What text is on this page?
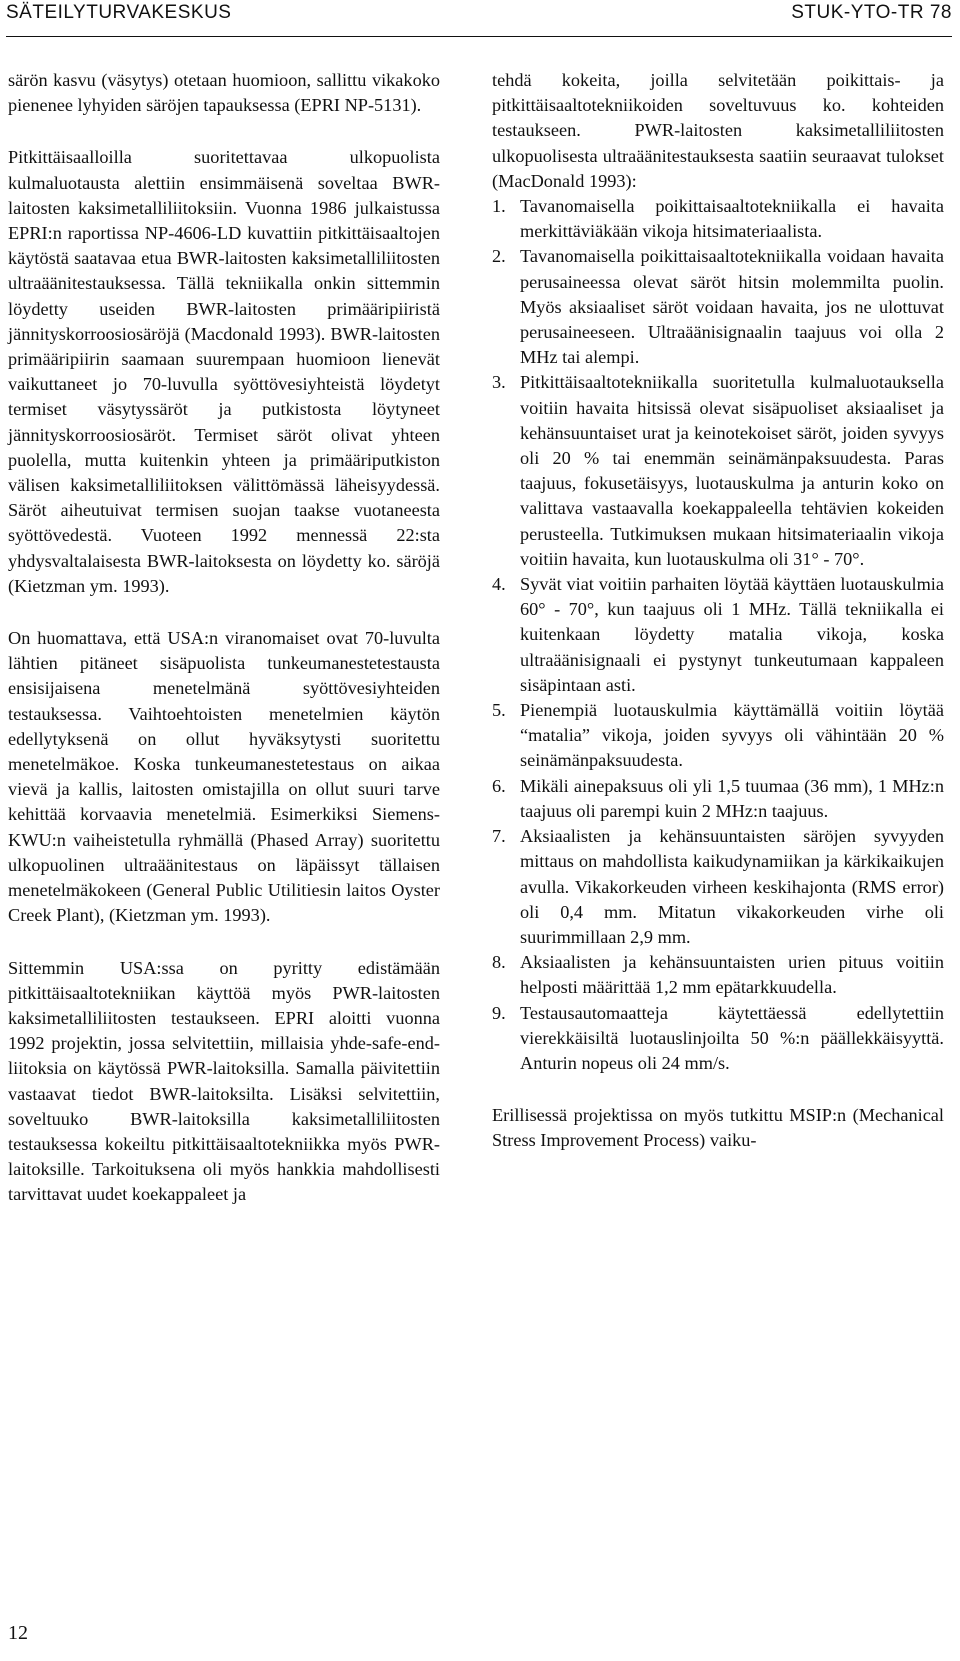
SÄTEILYTURVAKESKUS	STUK-YTO-TR 78

särön kasvu (väsytys) otetaan huomioon, sallittu vikakoko pienenee lyhyiden säröjen tapauksessa (EPRI NP-5131).

Pitkittäisaalloilla suoritettavaa ulkopuolista kulmaluotausta alettiin ensimmäisenä soveltaa BWR-laitosten kaksimetalliliitoksiin. Vuonna 1986 julkaistussa EPRI:n raportissa NP-4606-LD kuvattiin pitkittäisaaltojen käytöstä saatavaa etua BWR-laitosten kaksimetalliliitosten ultraäänitestauksessa. Tällä tekniikalla onkin sittemmin löydetty useiden BWR-laitosten primääripiiristä jännityskorroosiosäröjä (Macdonald 1993). BWR-laitosten primääripiirin saamaan suurempaan huomioon lienevät vaikuttaneet jo 70-luvulla syöttövesiyhteistä löydetyt termiset väsytyssäröt ja putkistosta löytyneet jännityskorroosiosäröt. Termiset säröt olivat yhteen puolella, mutta kuitenkin yhteen ja primääriputkiston välisen kaksimetalliliitoksen välittömässä läheisyydessä. Säröt aiheutuivat termisen suojan taakse vuotaneesta syöttövedestä. Vuoteen 1992 mennessä 22:sta yhdysvaltalaisesta BWR-laitoksesta on löydetty ko. säröjä (Kietzman ym. 1993).

On huomattava, että USA:n viranomaiset ovat 70-luvulta lähtien pitäneet sisäpuolista tunkeumanestetestausta ensisijaisena menetelmänä syöttövesiyhteiden testauksessa. Vaihtoehtoisten menetelmien käytön edellytyksenä on ollut hyväksytysti suoritettu menetelmäkoe. Koska tunkeumanestetestaus on aikaa vievä ja kallis, laitosten omistajilla on ollut suuri tarve kehittää korvaavia menetelmiä. Esimerkiksi Siemens-KWU:n vaiheistetulla ryhmällä (Phased Array) suoritettu ulkopuolinen ultraäänitestaus on läpäissyt tällaisen menetelmäkokeen (General Public Utilitiesin laitos Oyster Creek Plant), (Kietzman ym. 1993).

Sittemmin USA:ssa on pyritty edistämään pitkittäisaaltotekniikan käyttöä myös PWR-laitosten kaksimetalliliitosten testaukseen. EPRI aloitti vuonna 1992 projektin, jossa selvitettiin, millaisia yhde-safe-end-liitoksia on käytössä PWR-laitoksilla. Samalla päivitettiin vastaavat tiedot BWR-laitoksilta. Lisäksi selvitettiin, soveltuuko BWR-laitoksilla kaksimetalliliitosten testauksessa kokeiltu pitkittäisaaltotekniikka myös PWR-laitoksille. Tarkoituksena oli myös hankkia mahdollisesti tarvittavat uudet koekappaleet ja

tehdä kokeita, joilla selvitetään poikittais- ja pitkittäisaaltotekniikoiden soveltuvuus ko. kohteiden testaukseen. PWR-laitosten kaksimetalliliitosten ulkopuolisesta ultraäänitestauksesta saatiin seuraavat tulokset (MacDonald 1993):

1. Tavanomaisella poikittaisaaltotekniikalla ei havaita merkittäviäkään vikoja hitsimateriaalista.
2. Tavanomaisella poikittaisaaltotekniikalla voidaan havaita perusaineessa olevat säröt hitsin molemmilta puolin. Myös aksiaaliset säröt voidaan havaita, jos ne ulottuvat perusaineeseen. Ultraäänisignaalin taajuus voi olla 2 MHz tai alempi.
3. Pitkittäisaaltotekniikalla suoritetulla kulmaluotauksella voitiin havaita hitsissä olevat sisäpuoliset aksiaaliset ja kehänsuuntaiset urat ja keinotekoiset säröt, joiden syvyys oli 20 % tai enemmän seinämänpaksuudesta. Paras taajuus, fokusetäisyys, luotauskulma ja anturin koko on valittava vastaavalla koekappaleella tehtävien kokeiden perusteella. Tutkimuksen mukaan hitsimateriaalin vikoja voitiin havaita, kun luotauskulma oli 31° - 70°.
4. Syvät viat voitiin parhaiten löytää käyttäen luotauskulmia 60° - 70°, kun taajuus oli 1 MHz. Tällä tekniikalla ei kuitenkaan löydetty matalia vikoja, koska ultraäänisignaali ei pystynyt tunkeutumaan kappaleen sisäpintaan asti.
5. Pienempiä luotauskulmia käyttämällä voitiin löytää “matalia” vikoja, joiden syvyys oli vähintään 20 % seinämänpaksuudesta.
6. Mikäli ainepaksuus oli yli 1,5 tuumaa (36 mm), 1 MHz:n taajuus oli parempi kuin 2 MHz:n taajuus.
7. Aksiaalisten ja kehänsuuntaisten säröjen syvyyden mittaus on mahdollista kaikudynamiikan ja kärkikaikujen avulla. Vikakorkeuden virheen keskihajonta (RMS error) oli 0,4 mm. Mitatun vikakorkeuden virhe oli suurimmillaan 2,9 mm.
8. Aksiaalisten ja kehänsuuntaisten urien pituus voitiin helposti määrittää 1,2 mm epätarkkuudella.
9. Testausautomaatteja käytettäessä edellytettiin vierekkäisiltä luotauslinjoilta 50 %:n päällekkäisyyttä. Anturin nopeus oli 24 mm/s.

Erillisessä projektissa on myös tutkittu MSIP:n (Mechanical Stress Improvement Process) vaiku-

12
